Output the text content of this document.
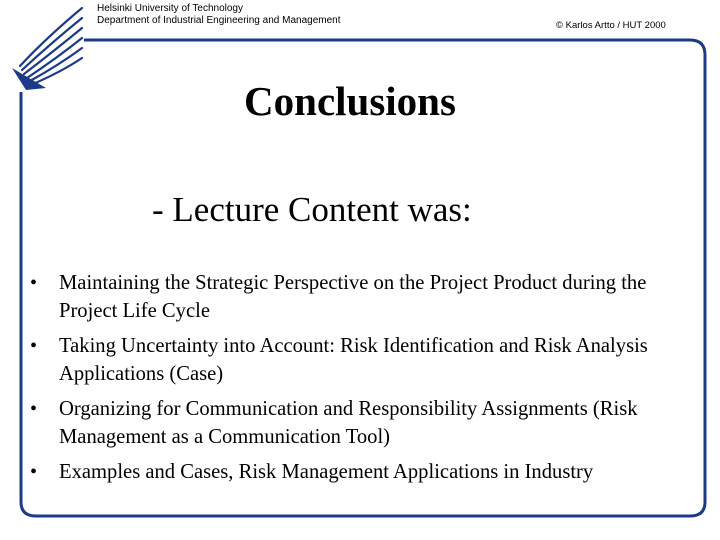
Helsinki University of Technology
Department of Industrial Engineering and Management	© Karlos Artto / HUT 2000
Conclusions
- Lecture Content was:
• Maintaining the Strategic Perspective on the Project Product during the Project Life Cycle
• Taking Uncertainty into Account: Risk Identification and Risk Analysis Applications (Case)
• Organizing for Communication and Responsibility Assignments (Risk Management as a Communication Tool)
• Examples and Cases, Risk Management Applications in Industry
